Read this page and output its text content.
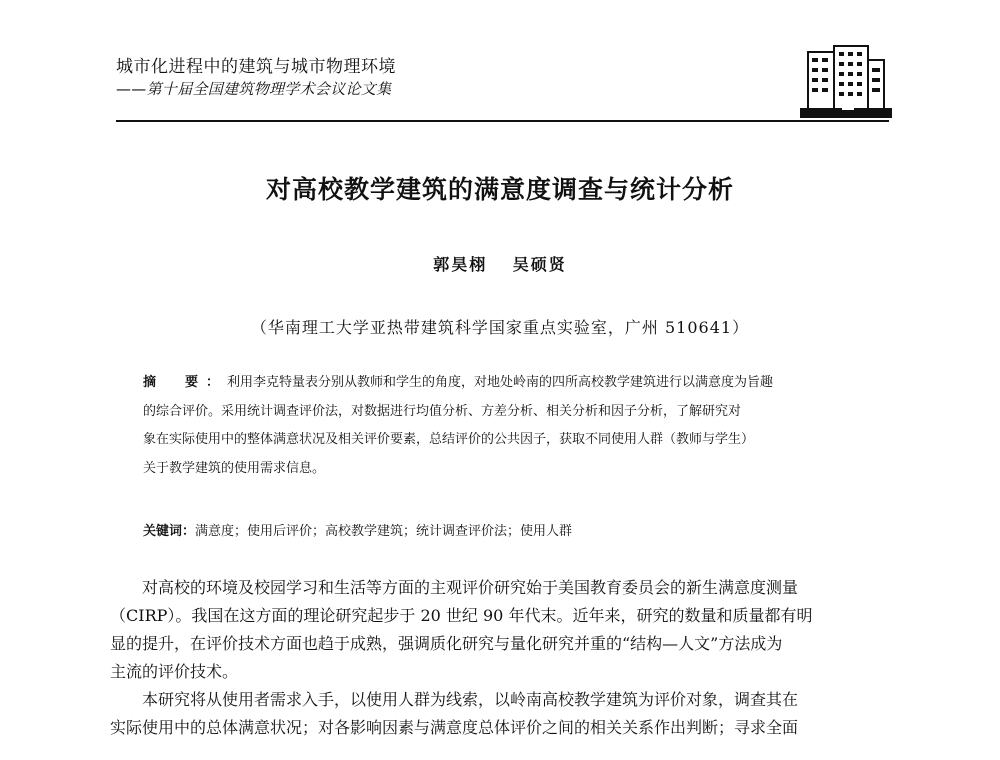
城市化进程中的建筑与城市物理环境
——第十届全国建筑物理学术会议论文集
对高校教学建筑的满意度调查与统计分析
郭昊栩 吴硕贤
（华南理工大学亚热带建筑科学国家重点实验室，广州 510641）
摘　要：利用李克特量表分别从教师和学生的角度，对地处岭南的四所高校教学建筑进行以满意度为旨趣
的综合评价。采用统计调查评价法，对数据进行均值分析、方差分析、相关分析和因子分析，了解研究对
象在实际使用中的整体满意状况及相关评价要素，总结评价的公共因子，获取不同使用人群（教师与学生）
关于教学建筑的使用需求信息。
关键词：满意度；使用后评价；高校教学建筑；统计调查评价法；使用人群

对高校的环境及校园学习和生活等方面的主观评价研究始于美国教育委员会的新生满意度测量
（CIRP）。我国在这方面的理论研究起步于 20 世纪 90 年代末。近年来，研究的数量和质量都有明
显的提升，在评价技术方面也趋于成熟，强调质化研究与量化研究并重的“结构—人文”方法成为
主流的评价技术。

本研究将从使用者需求入手，以使用人群为线索，以岭南高校教学建筑为评价对象，调查其在
实际使用中的总体满意状况；对各影响因素与满意度总体评价之间的相关关系作出判断；寻求全面
